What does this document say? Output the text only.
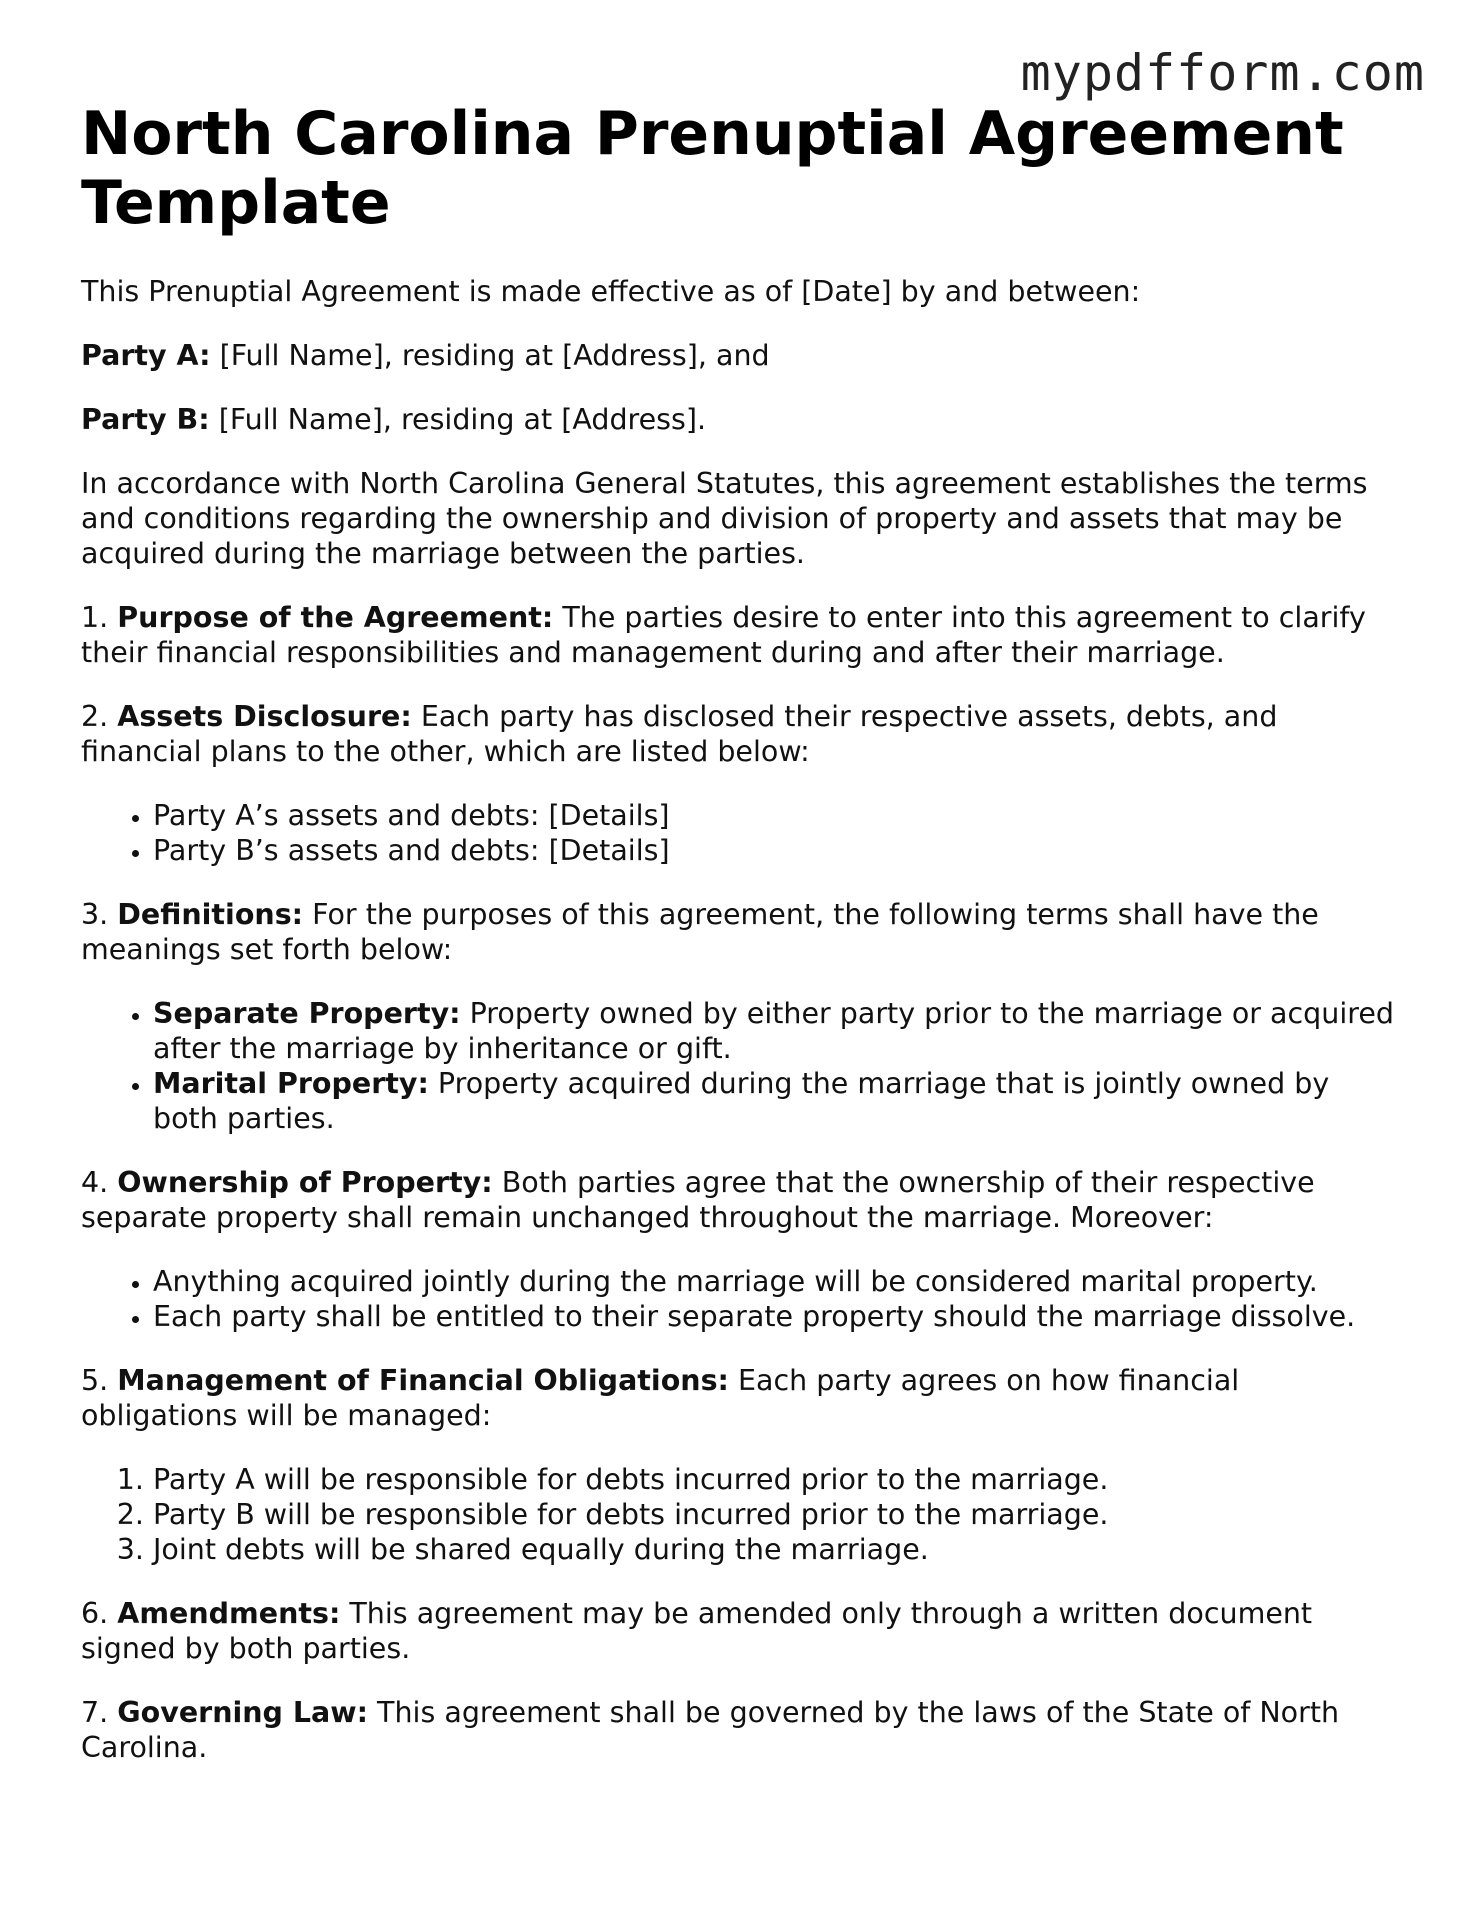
mypdfform.com
North Carolina Prenuptial Agreement Template

This Prenuptial Agreement is made effective as of [Date] by and between:

Party A: [Full Name], residing at [Address], and

Party B: [Full Name], residing at [Address].

In accordance with North Carolina General Statutes, this agreement establishes the terms and conditions regarding the ownership and division of property and assets that may be acquired during the marriage between the parties.

1. Purpose of the Agreement: The parties desire to enter into this agreement to clarify their financial responsibilities and management during and after their marriage.

2. Assets Disclosure: Each party has disclosed their respective assets, debts, and financial plans to the other, which are listed below:

• Party A’s assets and debts: [Details]
• Party B’s assets and debts: [Details]

3. Definitions: For the purposes of this agreement, the following terms shall have the meanings set forth below:

• Separate Property: Property owned by either party prior to the marriage or acquired after the marriage by inheritance or gift.
• Marital Property: Property acquired during the marriage that is jointly owned by both parties.

4. Ownership of Property: Both parties agree that the ownership of their respective separate property shall remain unchanged throughout the marriage. Moreover:

• Anything acquired jointly during the marriage will be considered marital property.
• Each party shall be entitled to their separate property should the marriage dissolve.

5. Management of Financial Obligations: Each party agrees on how financial obligations will be managed:

1. Party A will be responsible for debts incurred prior to the marriage.
2. Party B will be responsible for debts incurred prior to the marriage.
3. Joint debts will be shared equally during the marriage.

6. Amendments: This agreement may be amended only through a written document signed by both parties.

7. Governing Law: This agreement shall be governed by the laws of the State of North Carolina.
